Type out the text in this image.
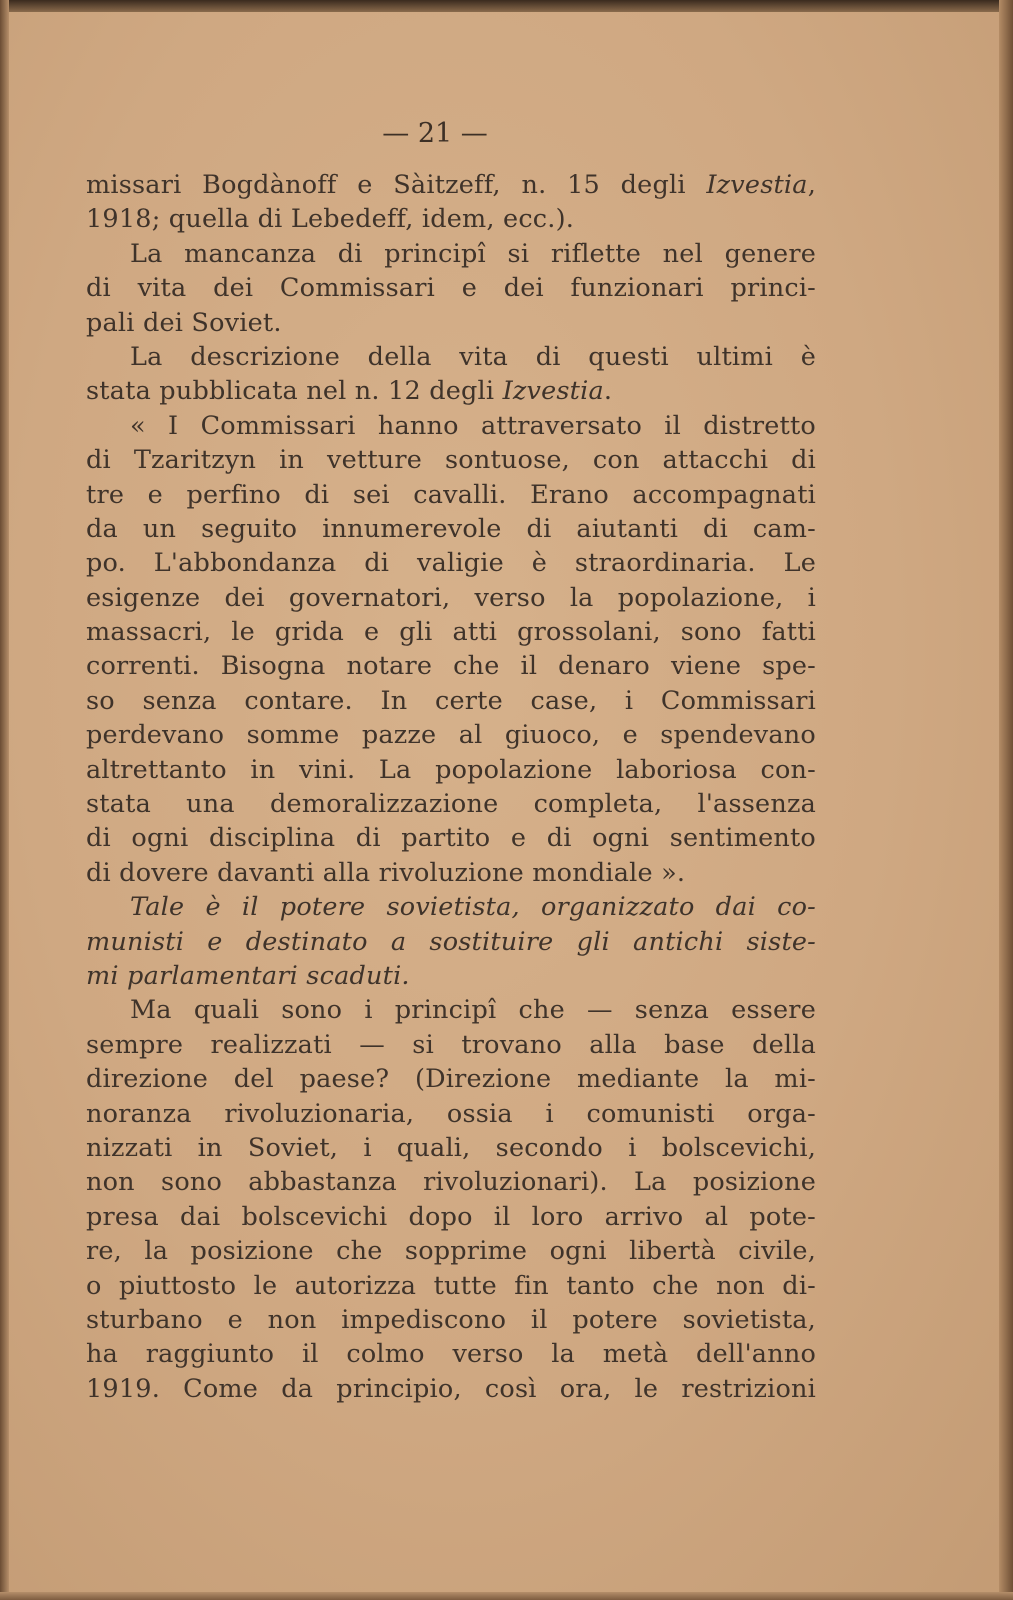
— 21 —
missari Bogdànoff e Sàitzeff, n. 15 degli Izvestia,
1918; quella di Lebedeff, idem, ecc.).
La mancanza di principî si riflette nel genere
di vita dei Commissari e dei funzionari princi-
pali dei Soviet.
La descrizione della vita di questi ultimi è
stata pubblicata nel n. 12 degli Izvestia.
« I Commissari hanno attraversato il distretto
di Tzaritzyn in vetture sontuose, con attacchi di
tre e perfino di sei cavalli. Erano accompagnati
da un seguito innumerevole di aiutanti di cam-
po. L'abbondanza di valigie è straordinaria. Le
esigenze dei governatori, verso la popolazione, i
massacri, le grida e gli atti grossolani, sono fatti
correnti. Bisogna notare che il denaro viene spe-
so senza contare. In certe case, i Commissari
perdevano somme pazze al giuoco, e spendevano
altrettanto in vini. La popolazione laboriosa con-
stata una demoralizzazione completa, l'assenza
di ogni disciplina di partito e di ogni sentimento
di dovere davanti alla rivoluzione mondiale ».
Tale è il potere sovietista, organizzato dai co-
munisti e destinato a sostituire gli antichi siste-
mi parlamentari scaduti.
Ma quali sono i principî che — senza essere
sempre realizzati — si trovano alla base della
direzione del paese? (Direzione mediante la mi-
noranza rivoluzionaria, ossia i comunisti orga-
nizzati in Soviet, i quali, secondo i bolscevichi,
non sono abbastanza rivoluzionari). La posizione
presa dai bolscevichi dopo il loro arrivo al pote-
re, la posizione che sopprime ogni libertà civile,
o piuttosto le autorizza tutte fin tanto che non di-
sturbano e non impediscono il potere sovietista,
ha raggiunto il colmo verso la metà dell'anno
1919. Come da principio, così ora, le restrizioni
